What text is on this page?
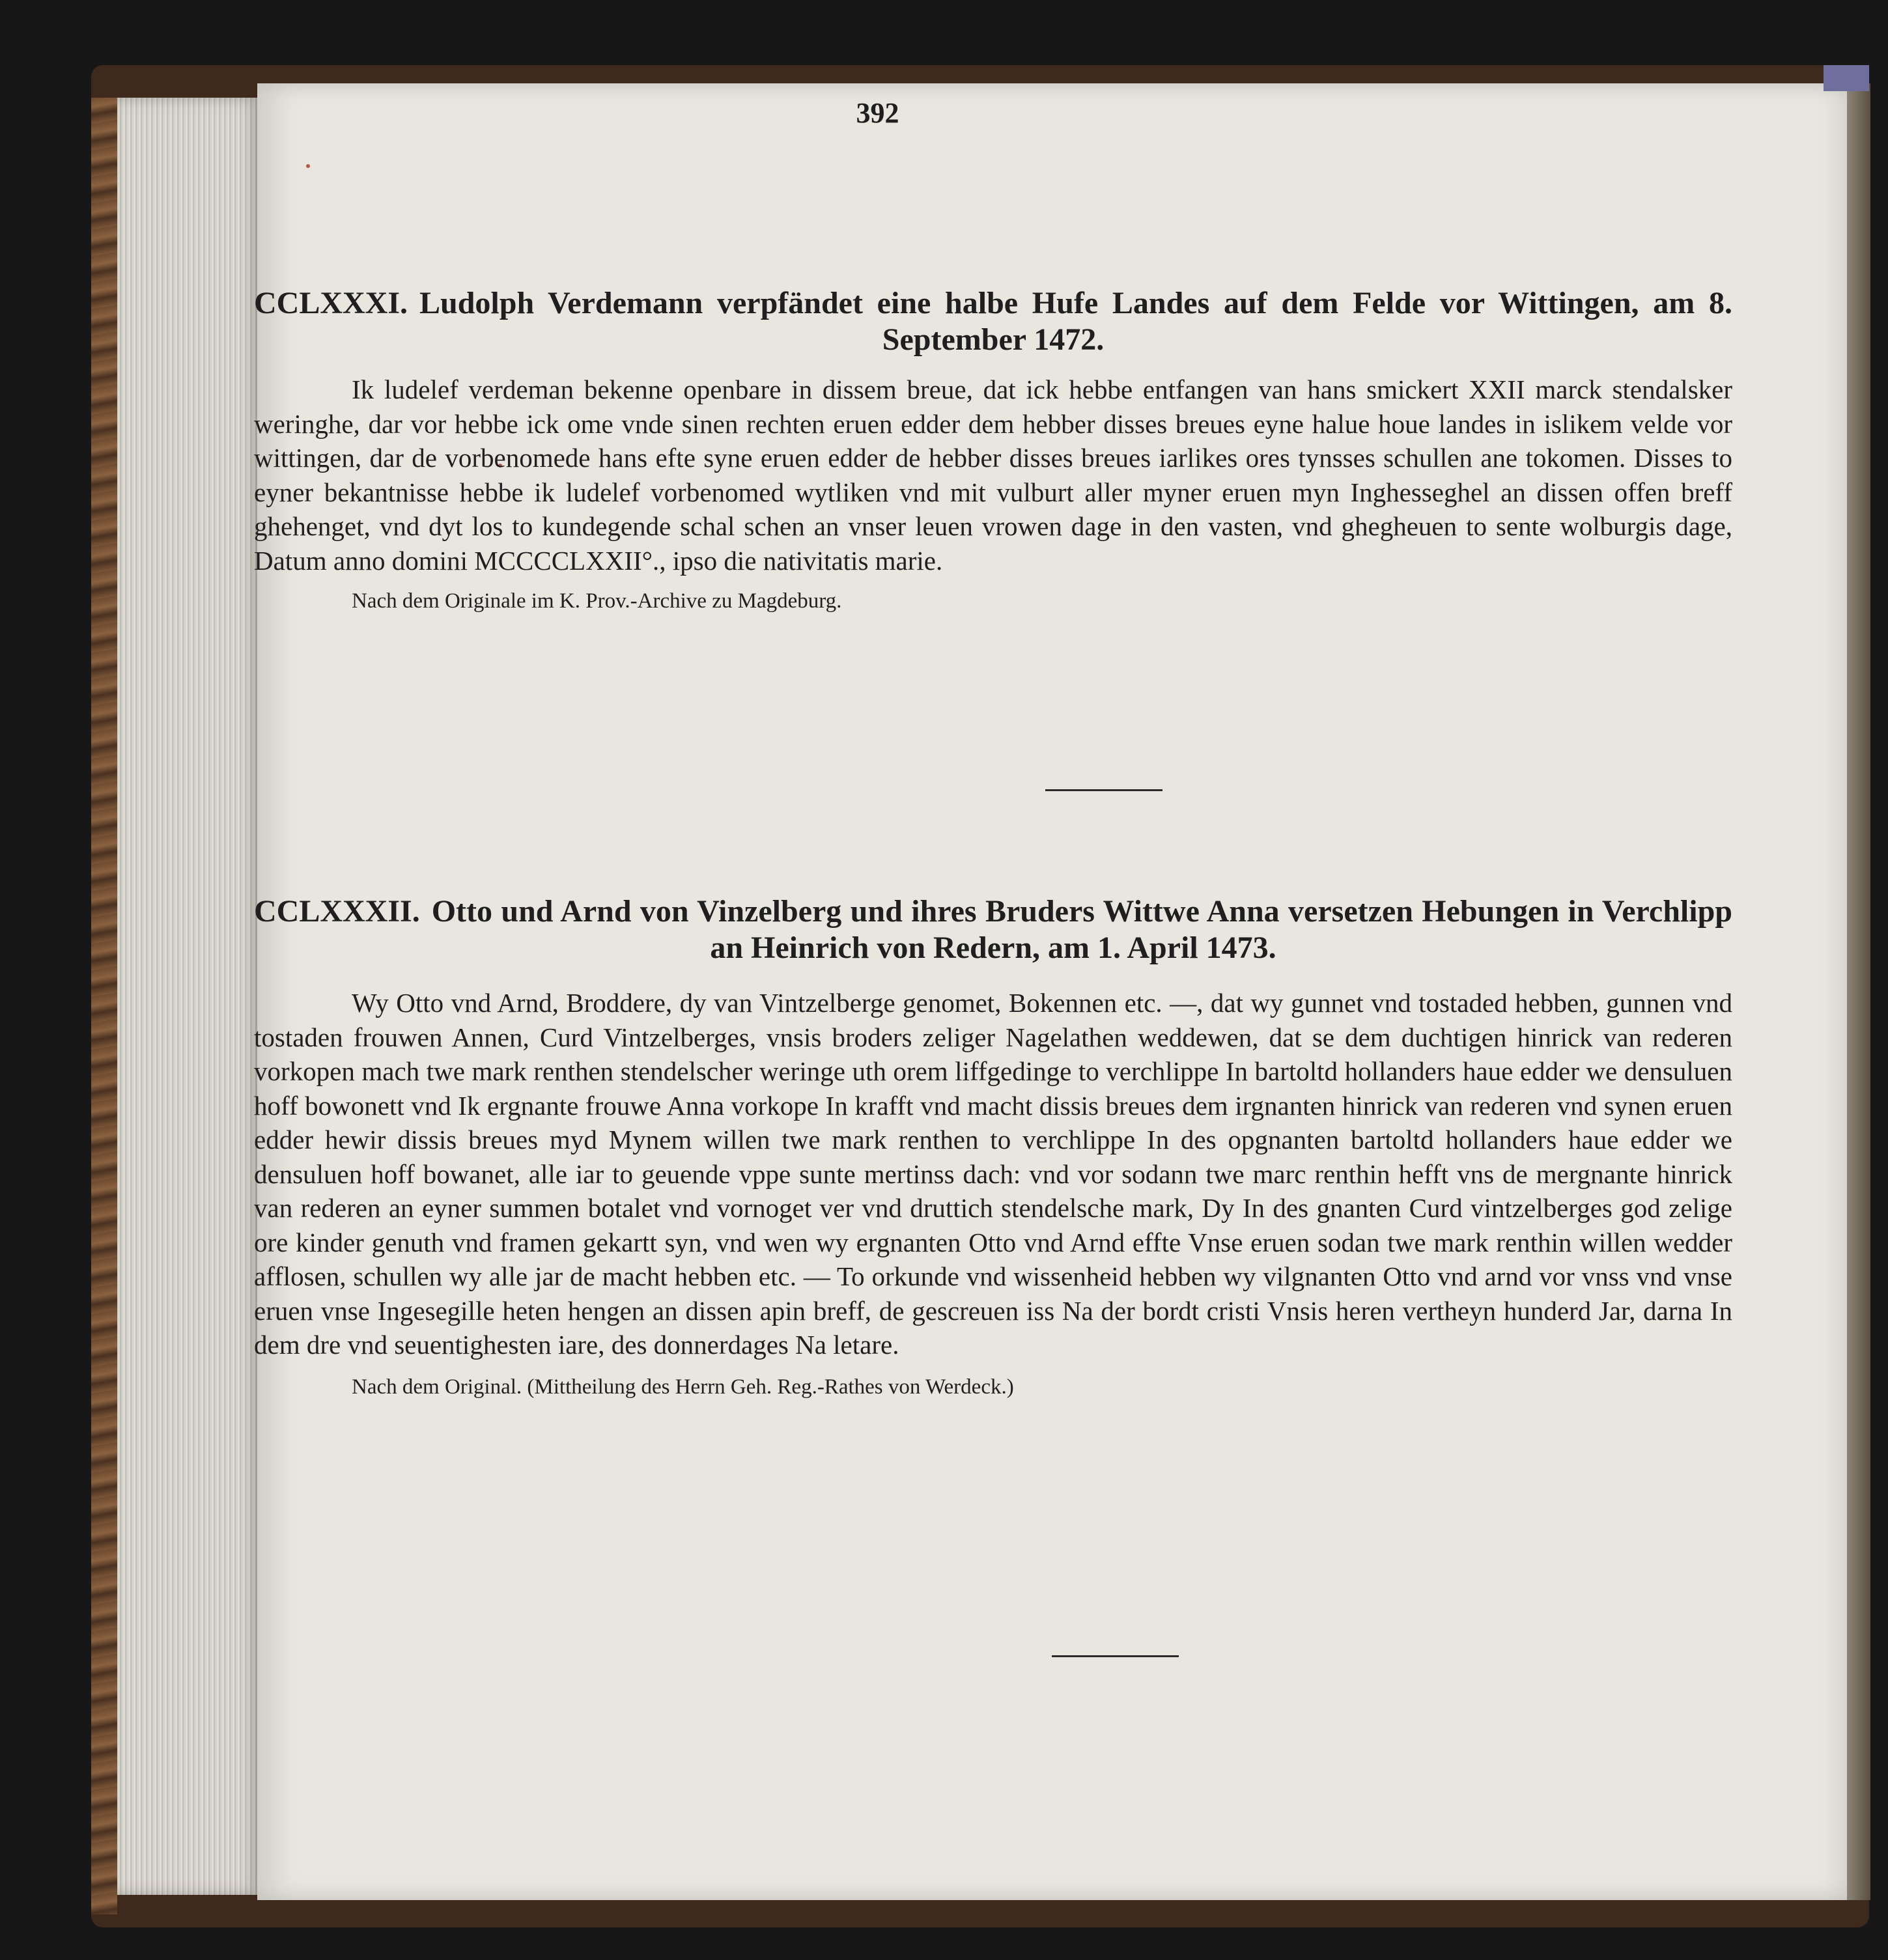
392

CCLXXXI. Ludolph Verdemann verpfändet eine halbe Hufe Landes auf dem Felde vor Wittingen, am 8. September 1472.

Ik ludelef verdeman bekenne openbare in dissem breue, dat ick hebbe entfangen van hans smickert XXII marck stendalsker weringhe, dar vor hebbe ick ome vnde sinen rechten eruen edder dem hebber disses breues eyne halue houe landes in islikem velde vor wittingen, dar de vorbenomede hans efte syne eruen edder de hebber disses breues iarlikes ores tynsses schullen ane tokomen. Disses to eyner bekantnisse hebbe ik ludelef vorbenomed wytliken vnd mit vulburt aller myner eruen myn Inghesseghel an dissen offen breff ghehenget, vnd dyt los to kundegende schal schen an vnser leuen vrowen dage in den vasten, vnd ghegheuen to sente wolburgis dage, Datum anno domini MCCCCLXXII°., ipso die nativitatis marie.

Nach dem Originale im K. Prov.-Archive zu Magdeburg.

CCLXXXII. Otto und Arnd von Vinzelberg und ihres Bruders Wittwe Anna versetzen Hebungen in Verchlipp an Heinrich von Redern, am 1. April 1473.

Wy Otto vnd Arnd, Broddere, dy van Vintzelberge genomet, Bokennen etc. —, dat wy gunnet vnd tostaded hebben, gunnen vnd tostaden frouwen Annen, Curd Vintzelberges, vnsis broders zeliger Nagelathen weddewen, dat se dem duchtigen hinrick van rederen vorkopen mach twe mark renthen stendelscher weringe uth orem liffgedinge to verchlippe In bartoltd hollanders haue edder we densuluen hoff bowonett vnd Ik ergnante frouwe Anna vorkope In krafft vnd macht dissis breues dem irgnanten hinrick van rederen vnd synen eruen edder hewir dissis breues myd Mynem willen twe mark renthen to verchlippe In des opgnanten bartoltd hollanders haue edder we densuluen hoff bowanet, alle iar to geuende vppe sunte mertinss dach: vnd vor sodann twe marc renthin hefft vns de mergnante hinrick van rederen an eyner summen botalet vnd vornoget ver vnd druttich stendelsche mark, Dy In des gnanten Curd vintzelberges god zelige ore kinder genuth vnd framen gekartt syn, vnd wen wy ergnanten Otto vnd Arnd effte Vnse eruen sodan twe mark renthin willen wedder afflosen, schullen wy alle jar de macht hebben etc. — To orkunde vnd wissenheid hebben wy vilgnanten Otto vnd arnd vor vnss vnd vnse eruen vnse Ingesegille heten hengen an dissen apin breff, de gescreuen iss Na der bordt cristi Vnsis heren vertheyn hunderd Jar, darna In dem dre vnd seuentighesten iare, des donnerdages Na letare.

Nach dem Original. (Mittheilung des Herrn Geh. Reg.-Rathes von Werdeck.)
